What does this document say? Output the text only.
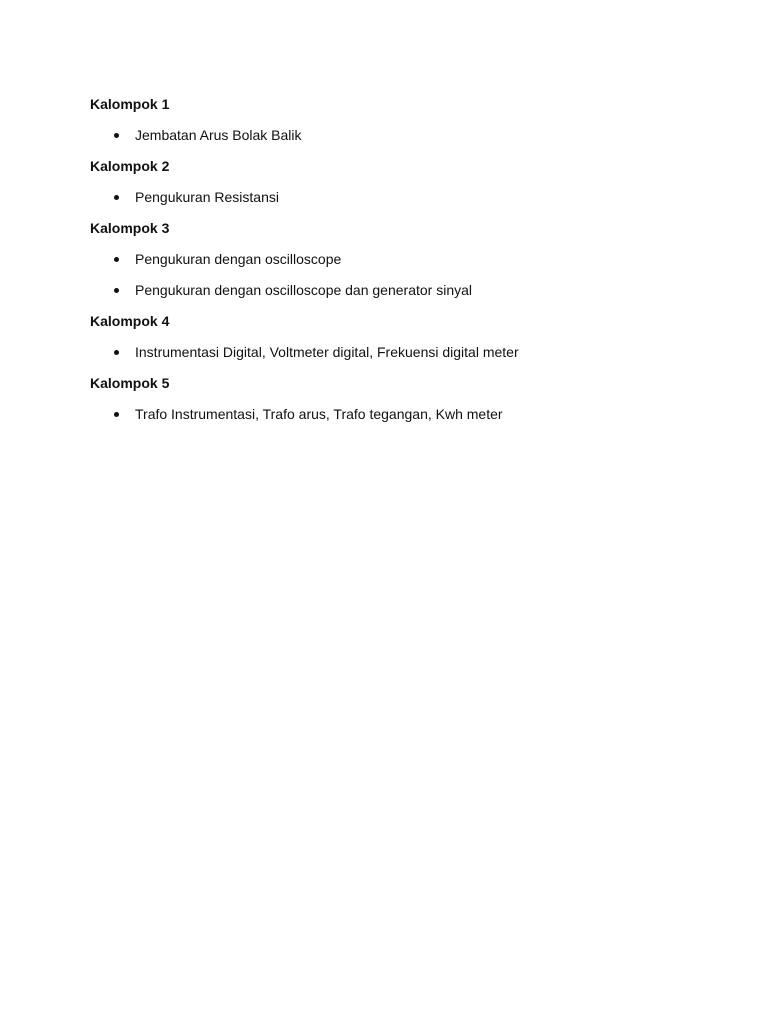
Kalompok 1
Jembatan Arus Bolak Balik
Kalompok 2
Pengukuran Resistansi
Kalompok 3
Pengukuran dengan oscilloscope
Pengukuran dengan oscilloscope dan generator sinyal
Kalompok 4
Instrumentasi Digital, Voltmeter digital, Frekuensi digital meter
Kalompok 5
Trafo Instrumentasi, Trafo arus, Trafo tegangan, Kwh meter
